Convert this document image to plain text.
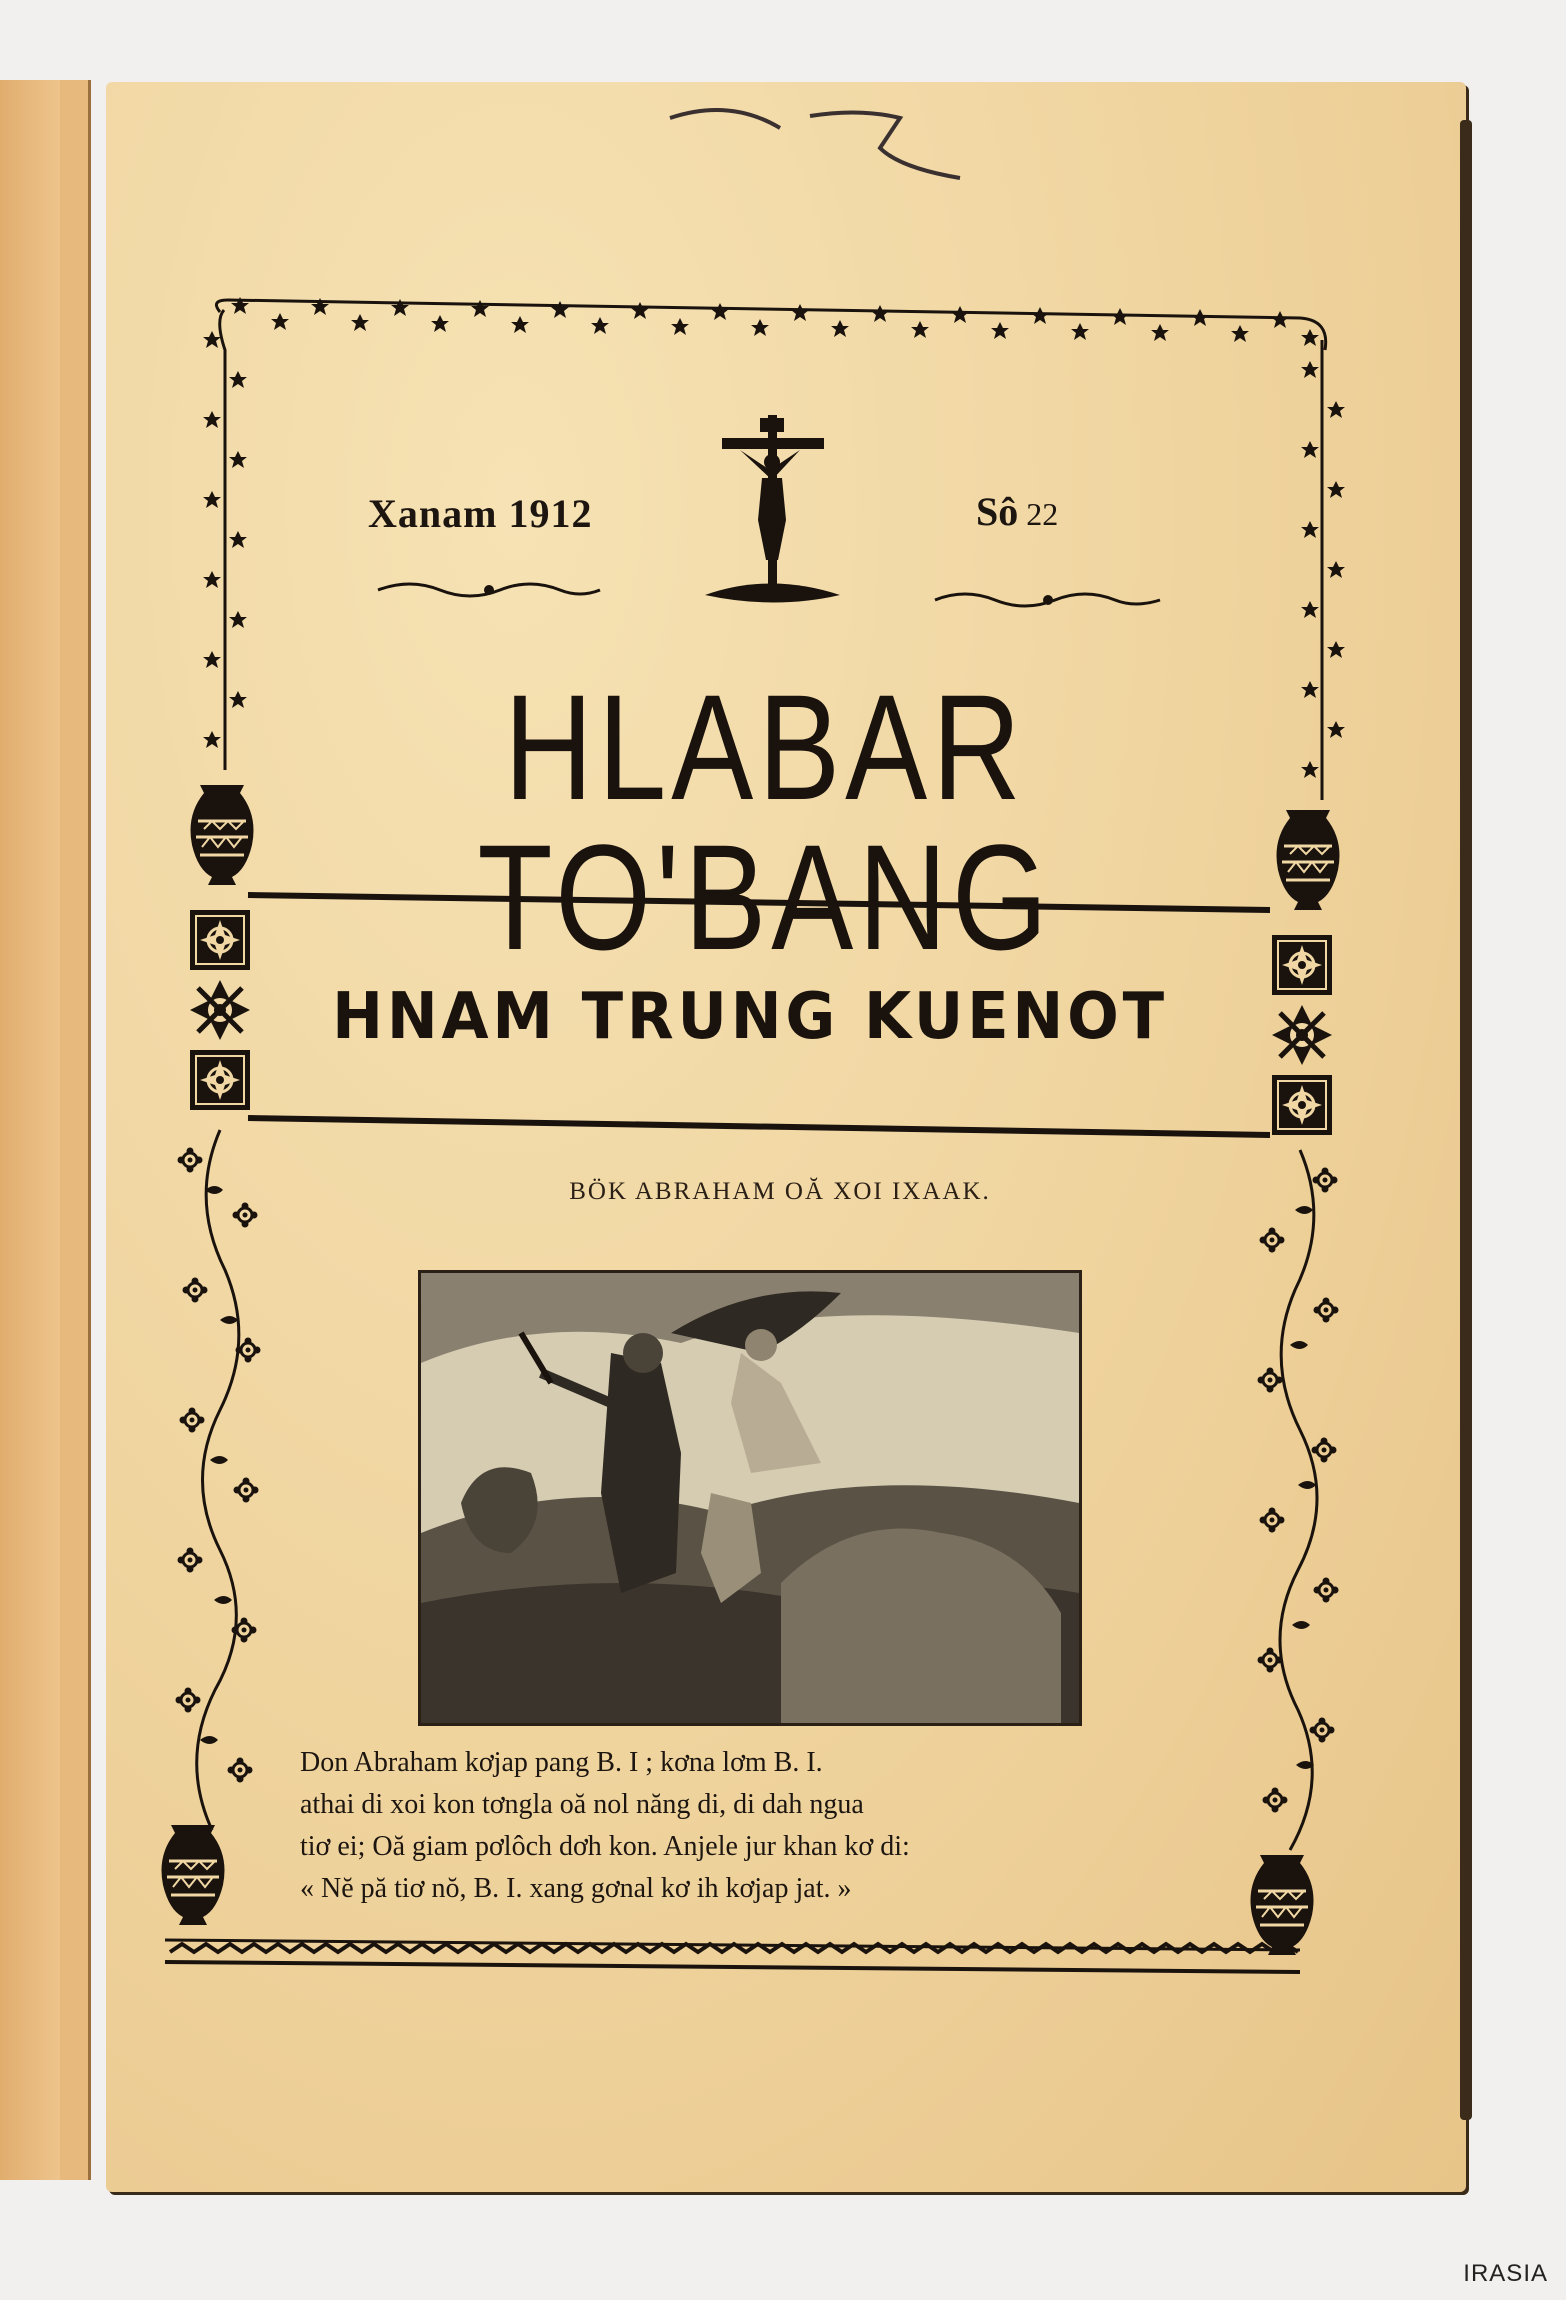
Xanam 1912	Sô 22
HLABAR TO'BANG
HNAM TRUNG KUENOT
BÖK ABRAHAM OĂ XOI IXAAK.
Don Abraham kơjap pang B. I ; kơna lơm B. I.
athai di xoi kon tơngla oă nol năng di, di dah ngua
tiơ ei; Oă giam pơlôch dơh kon. Anjele jur khan kơ di:
« Nĕ pă tiơ nŏ, B. I. xang gơnal kơ ih kơjap jat. »
IRASIA
